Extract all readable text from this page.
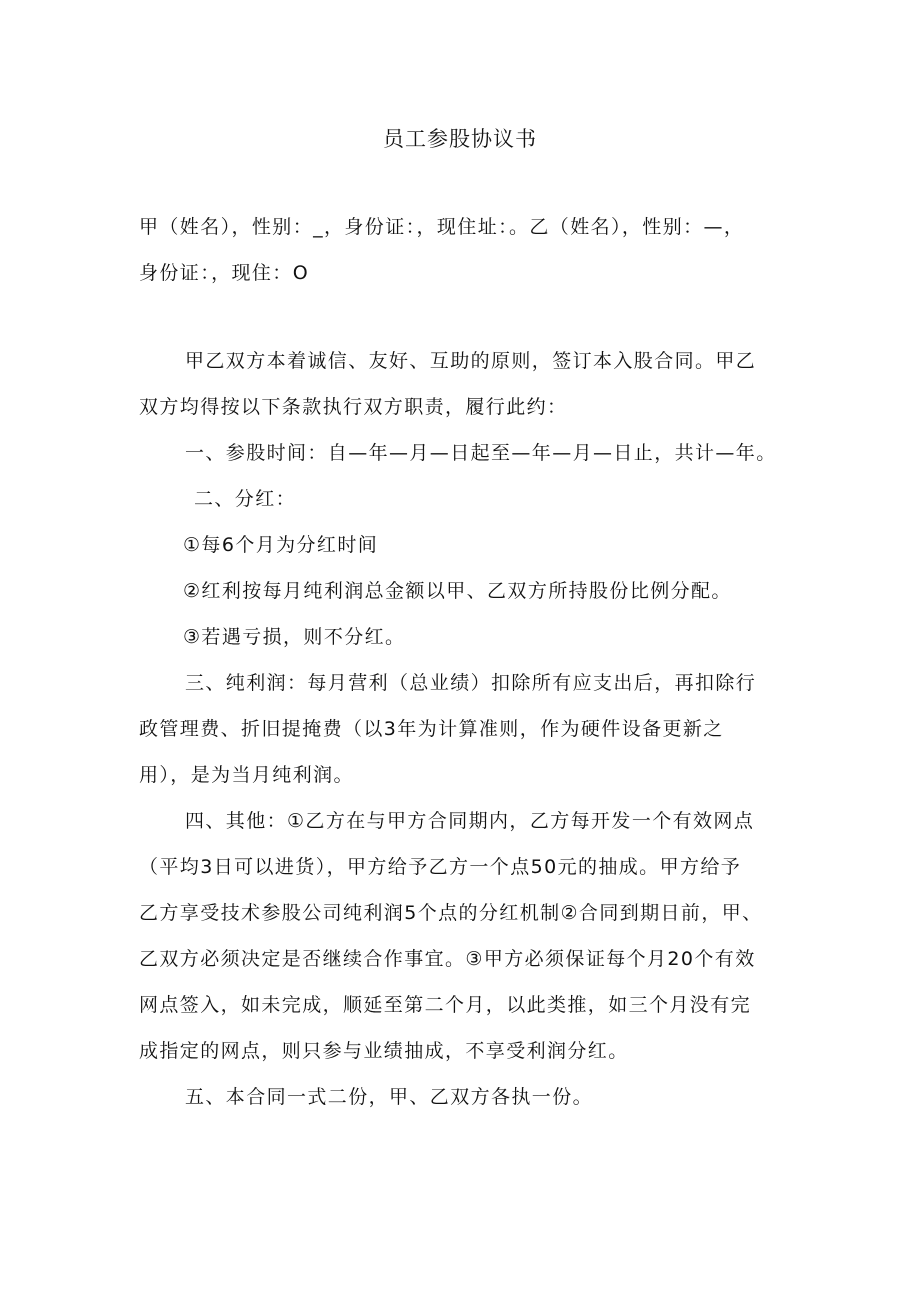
员工参股协议书
甲（姓名），性别：_，身份证：，现住址：。乙（姓名），性别：—，
身份证：，现住：O
甲乙双方本着诚信、友好、互助的原则，签订本入股合同。甲乙
双方均得按以下条款执行双方职责，履行此约：
一、参股时间：自—年—月—日起至—年—月—日止，共计—年。
二、分红：
①每6个月为分红时间
②红利按每月纯利润总金额以甲、乙双方所持股份比例分配。
③若遇亏损，则不分红。
三、纯利润：每月营利（总业绩）扣除所有应支出后，再扣除行
政管理费、折旧提掩费（以3年为计算准则，作为硬件设备更新之
用），是为当月纯利润。
四、其他：①乙方在与甲方合同期内，乙方每开发一个有效网点
（平均3日可以进货），甲方给予乙方一个点50元的抽成。甲方给予
乙方享受技术参股公司纯利润5个点的分红机制②合同到期日前，甲、
乙双方必须决定是否继续合作事宜。③甲方必须保证每个月20个有效
网点签入，如未完成，顺延至第二个月，以此类推，如三个月没有完
成指定的网点，则只参与业绩抽成，不享受利润分红。
五、本合同一式二份，甲、乙双方各执一份。
